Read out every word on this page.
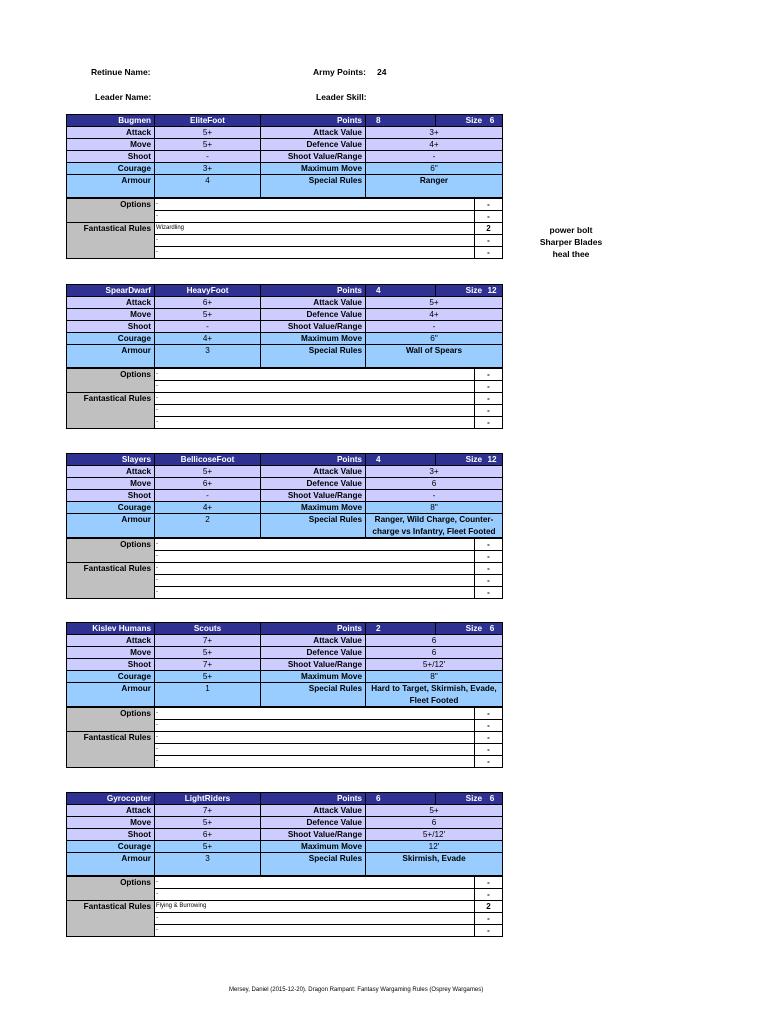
Retinue Name:	Army Points: 24
Leader Name:	Leader Skill:
Bugmen	EliteFoot	Points	8	Size 6
Attack	5+	Attack Value	3+	
Move	5+	Defence Value	4+	
Shoot	-	Shoot Value/Range	-	
Courage	3+	Maximum Move	6"	
Armour	4	Special Rules	Ranger	
Options	-	-
	-	-
Fantastical Rules	Wizardling	2
	-	-
	-	-
SpearDwarf	HeavyFoot	Points	4	Size 12
Attack	6+	Attack Value	5+	
Move	5+	Defence Value	4+	
Shoot	-	Shoot Value/Range	-	
Courage	4+	Maximum Move	6"	
Armour	3	Special Rules	Wall of Spears	
Options	-	-
	-	-
Fantastical Rules	-	-
	-	-
	-	-
Slayers	BellicoseFoot	Points	4	Size 12
Attack	5+	Attack Value	3+	
Move	6+	Defence Value	6	
Shoot	-	Shoot Value/Range	-	
Courage	4+	Maximum Move	8"	
Armour	2	Special Rules	Ranger, Wild Charge, Counter-charge vs Infantry, Fleet Footed	
Options	-	-
	-	-
Fantastical Rules	-	-
	-	-
	-	-
Kislev Humans	Scouts	Points	2	Size 6
Attack	7+	Attack Value	6	
Move	5+	Defence Value	6	
Shoot	7+	Shoot Value/Range	5+/12'	
Courage	5+	Maximum Move	8"	
Armour	1	Special Rules	Hard to Target, Skirmish, Evade, Fleet Footed	
Options	-	-
	-	-
Fantastical Rules	-	-
	-	-
	-	-
Gyrocopter	LightRiders	Points	6	Size 6
Attack	7+	Attack Value	5+	
Move	5+	Defence Value	6	
Shoot	6+	Shoot Value/Range	5+/12'	
Courage	5+	Maximum Move	12'	
Armour	3	Special Rules	Skirmish, Evade	
Options	-	-
	-	-
Fantastical Rules	Flying & Burrowing	2
	-	-
	-	-
power bolt
Sharper Blades
heal thee
Mersey, Daniel (2015-12-20). Dragon Rampant: Fantasy Wargaming Rules (Osprey Wargames)
